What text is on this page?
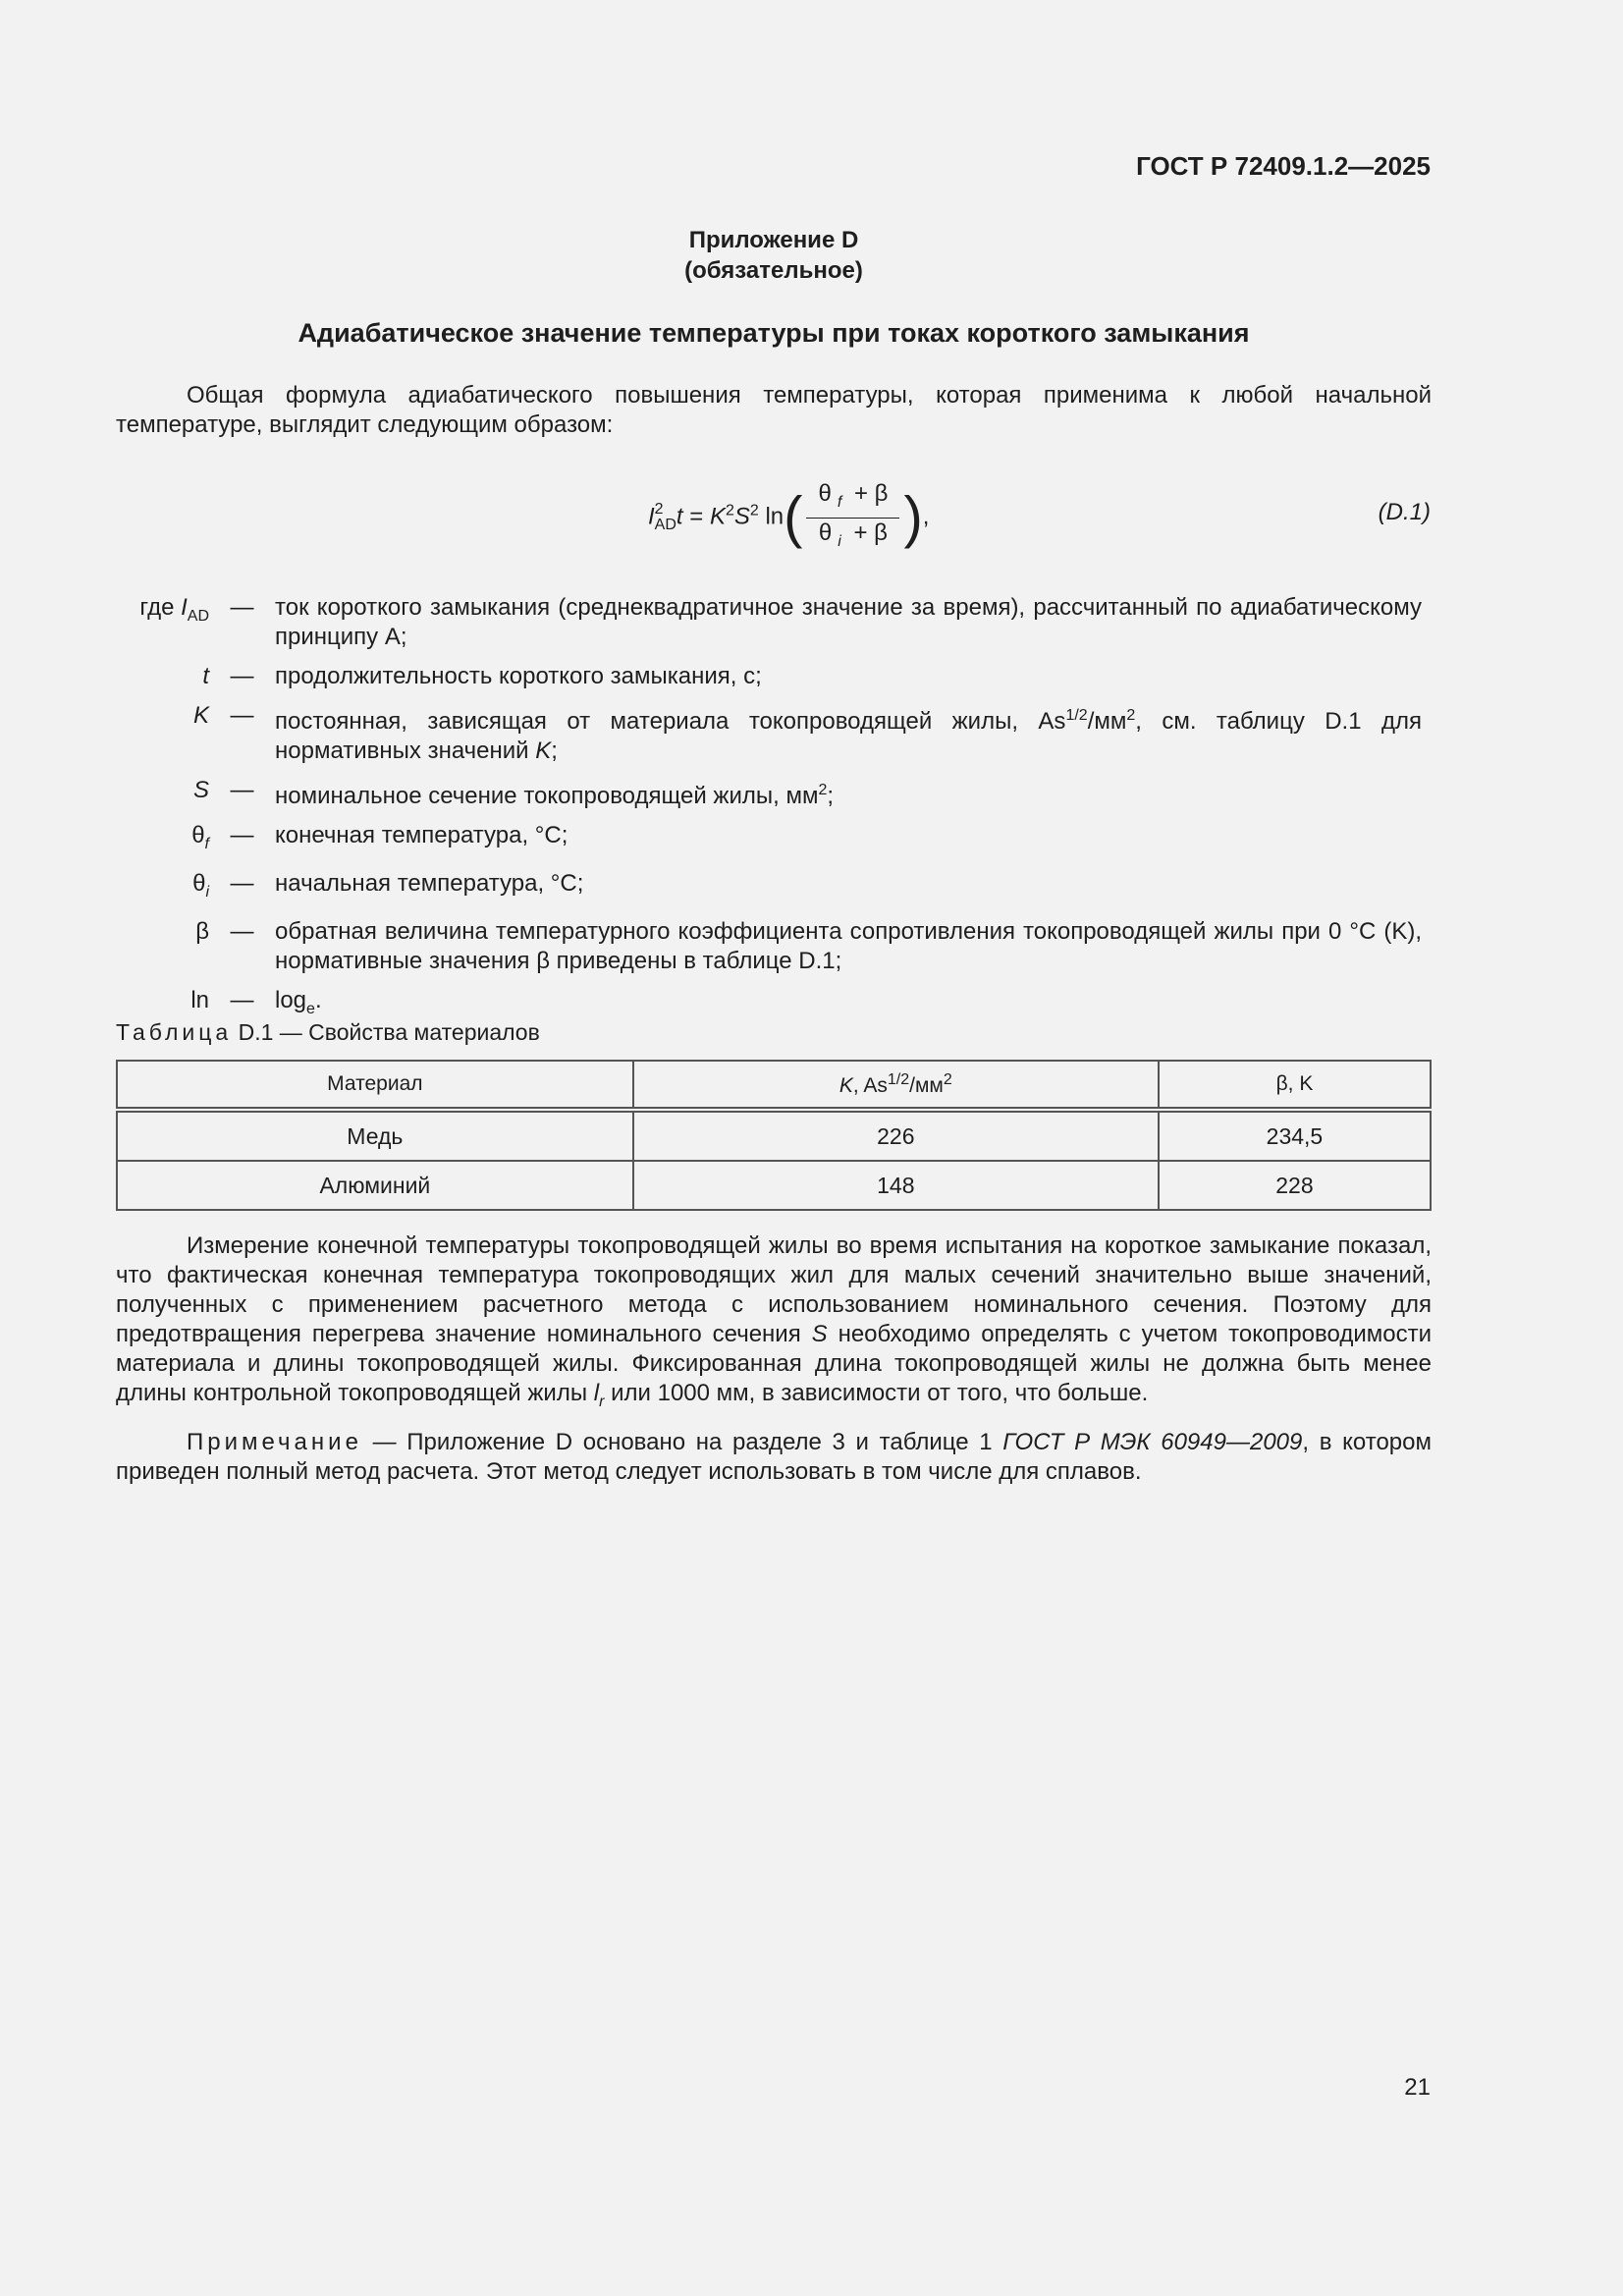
ГОСТ Р 72409.1.2—2025
Приложение D
(обязательное)
Адиабатическое значение температуры при токах короткого замыкания
Общая формула адиабатического повышения температуры, которая применима к любой начальной температуре, выглядит следующим образом:
I 2
AD $t = K^2S^2$ $\ln( \frac{\theta _f + \beta}{\theta _i + \beta}$ ),	(D.1)
где $I_{AD}$ — ток короткого замыкания (среднеквадратичное значение за время), рассчитанный по адиабатическому принципу A;
t — продолжительность короткого замыкания, с;
K — постоянная, зависящая от материала токопроводящей жилы, $As^{1/2}/мм^2$, см. таблицу D.1 для нормативных значений K;
S — номинальное сечение токопроводящей жилы, $мм^2$;
$\theta_f$ — конечная температура, °C;
$\theta_i$ — начальная температура, °C;
β — обратная величина температурного коэффициента сопротивления токопроводящей жилы при 0 °C (K), нормативные значения β приведены в таблице D.1;
ln — $\log_e$.
Таблица D.1 — Свойства материалов
Материал	K, $As^{1/2}/мм^2$	β, K
Медь	226	234,5
Алюминий	148	228
Измерение конечной температуры токопроводящей жилы во время испытания на короткое замыкание показал, что фактическая конечная температура токопроводящих жил для малых сечений значительно выше значений, полученных с применением расчетного метода с использованием номинального сечения. Поэтому для предотвращения перегрева значение номинального сечения S необходимо определять с учетом токопроводимости материала и длины токопроводящей жилы. Фиксированная длина токопроводящей жилы не должна быть менее длины контрольной токопроводящей жилы $l_r$ или 1000 мм, в зависимости от того, что больше.
Примечание — Приложение D основано на разделе 3 и таблице 1 ГОСТ Р МЭК 60949—2009, в котором приведен полный метод расчета. Этот метод следует использовать в том числе для сплавов.
21
